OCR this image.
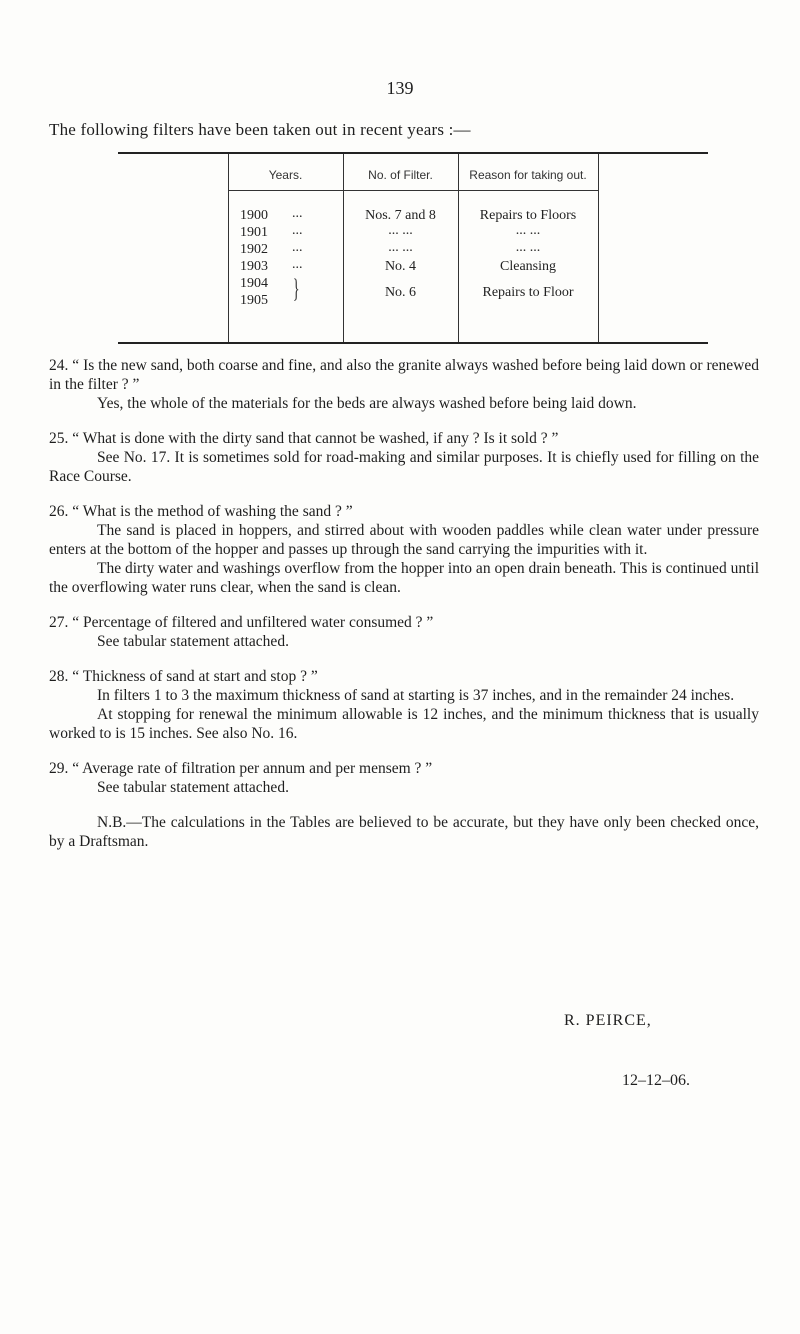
139
The following filters have been taken out in recent years :—
Years.	No. of Filter.	Reason for taking out.
1900 ...	Nos. 7 and 8	Repairs to Floors
1901 ...	... ...	... ...
1902 ...	... ...	... ...
1903 ...	No. 4	Cleansing
1904
1905 }	No. 6	Repairs to Floor

24. “ Is the new sand, both coarse and fine, and also the granite always washed before being laid down or renewed in the filter ? ”

Yes, the whole of the materials for the beds are always washed before being laid down.

25. “ What is done with the dirty sand that cannot be washed, if any ? Is it sold ? ”

See No. 17. It is sometimes sold for road-making and similar purposes. It is chiefly used for filling on the Race Course.

26. “ What is the method of washing the sand ? ”

The sand is placed in hoppers, and stirred about with wooden paddles while clean water under pressure enters at the bottom of the hopper and passes up through the sand carrying the impurities with it.

The dirty water and washings overflow from the hopper into an open drain beneath. This is continued until the overflowing water runs clear, when the sand is clean.

27. “ Percentage of filtered and unfiltered water consumed ? ”

See tabular statement attached.

28. “ Thickness of sand at start and stop ? ”

In filters 1 to 3 the maximum thickness of sand at starting is 37 inches, and in the remainder 24 inches.

At stopping for renewal the minimum allowable is 12 inches, and the minimum thickness that is usually worked to is 15 inches. See also No. 16.

29. “ Average rate of filtration per annum and per mensem ? ”

See tabular statement attached.

N.B.—The calculations in the Tables are believed to be accurate, but they have only been checked once, by a Draftsman.

R. PEIRCE,
12–12–06.
